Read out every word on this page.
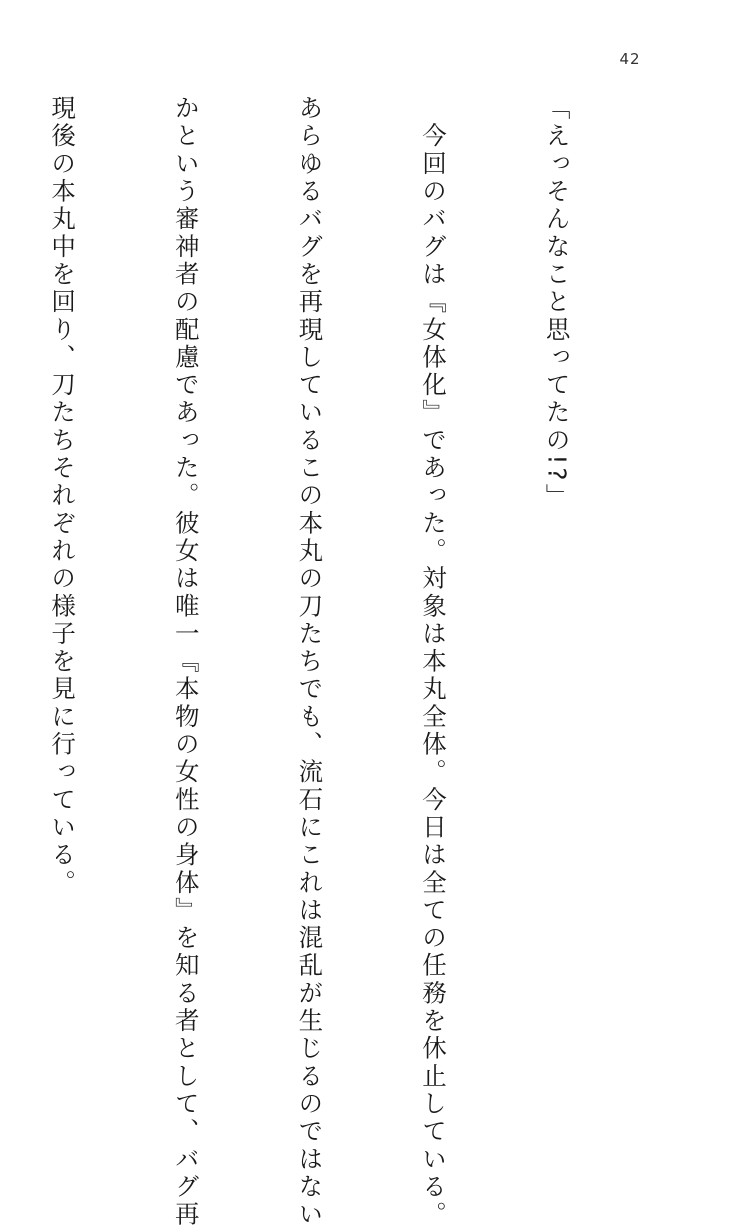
42

「えっそんなこと思ってたの!?」

　今回のバグは『女体化』であった。対象は本丸全体。今日は全ての任務を休止している。

あらゆるバグを再現しているこの本丸の刀たちでも、流石にこれは混乱が生じるのではない

かという審神者の配慮であった。彼女は唯一『本物の女性の身体』を知る者として、バグ再

現後の本丸中を回り、刀たちそれぞれの様子を見に行っている。
